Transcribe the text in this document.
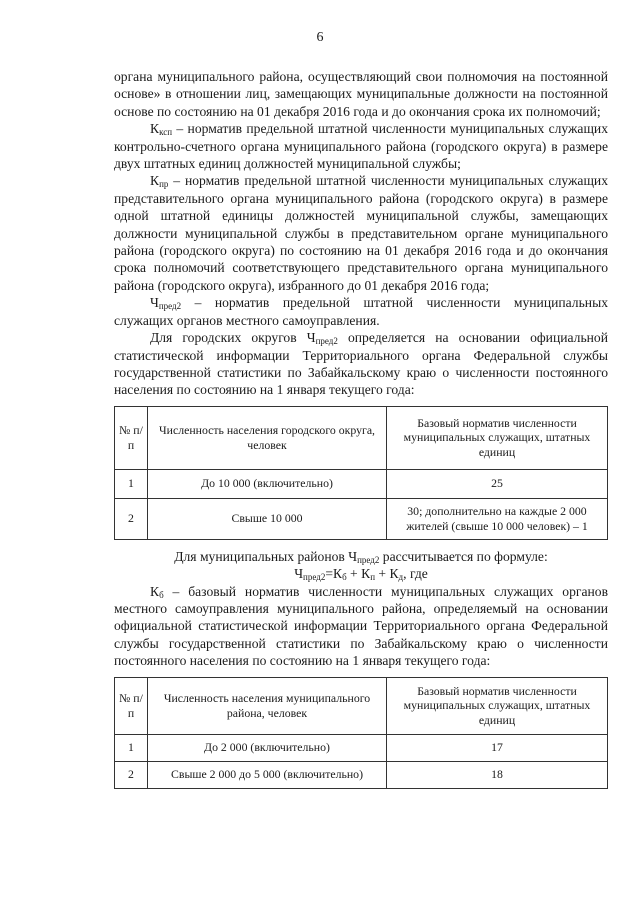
6

органа муниципального района, осуществляющий свои полномочия на постоянной основе» в отношении лиц, замещающих муниципальные должности на постоянной основе по состоянию на 01 декабря 2016 года и до окончания срока их полномочий;

$К_{ксп}$ – норматив предельной штатной численности муниципальных служащих контрольно-счетного органа муниципального района (городского округа) в размере двух штатных единиц должностей муниципальной службы;

$К_{пр}$ – норматив предельной штатной численности муниципальных служащих представительного органа муниципального района (городского округа) в размере одной штатной единицы должностей муниципальной службы, замещающих должности муниципальной службы в представительном органе муниципального района (городского округа) по состоянию на 01 декабря 2016 года и до окончания срока полномочий соответствующего представительного органа муниципального района (городского округа), избранного до 01 декабря 2016 года;

$Ч_{пред2}$ – норматив предельной штатной численности муниципальных служащих органов местного самоуправления.

Для городских округов $Ч_{пред2}$ определяется на основании официальной статистической информации Территориального органа Федеральной службы государственной статистики по Забайкальскому краю о численности постоянного населения по состоянию на 1 января текущего года:

№ п/п	Численность населения городского округа, человек	Базовый норматив численности муниципальных служащих, штатных единиц
1	До 10 000 (включительно)	25
2	Свыше 10 000	30; дополнительно на каждые 2 000 жителей (свыше 10 000 человек) – 1

Для муниципальных районов $Ч_{пред2}$ рассчитывается по формуле:

$Ч_{пред2}=К_б + К_п + К_д$, где

$К_б$ – базовый норматив численности муниципальных служащих органов местного самоуправления муниципального района, определяемый на основании официальной статистической информации Территориального органа Федеральной службы государственной статистики по Забайкальскому краю о численности постоянного населения по состоянию на 1 января текущего года:

№ п/п	Численность населения муниципального района, человек	Базовый норматив численности муниципальных служащих, штатных единиц
1	До 2 000 (включительно)	17
2	Свыше 2 000 до 5 000 (включительно)	18
